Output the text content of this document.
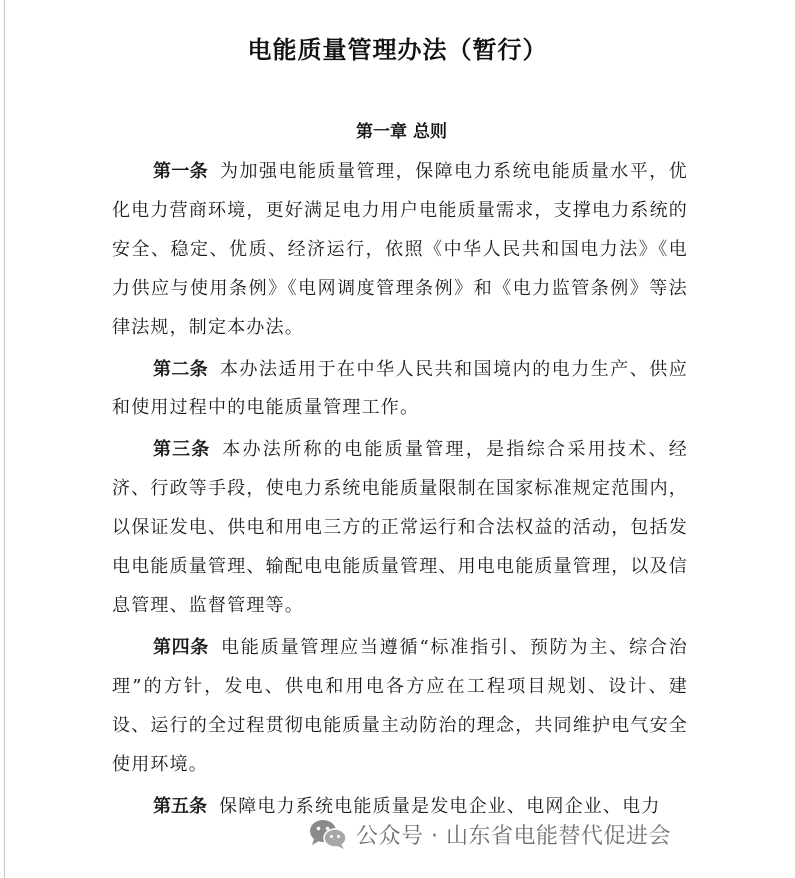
电能质量管理办法（暂行）
第一章 总则

第一条 为加强电能质量管理，保障电力系统电能质量水平，优化电力营商环境，更好满足电力用户电能质量需求，支撑电力系统的安全、稳定、优质、经济运行，依照《中华人民共和国电力法》《电力供应与使用条例》《电网调度管理条例》和《电力监管条例》等法律法规，制定本办法。

第二条 本办法适用于在中华人民共和国境内的电力生产、供应和使用过程中的电能质量管理工作。

第三条 本办法所称的电能质量管理，是指综合采用技术、经济、行政等手段，使电力系统电能质量限制在国家标准规定范围内，以保证发电、供电和用电三方的正常运行和合法权益的活动，包括发电电能质量管理、输配电电能质量管理、用电电能质量管理，以及信息管理、监督管理等。

第四条 电能质量管理应当遵循“标准指引、预防为主、综合治理”的方针，发电、供电和用电各方应在工程项目规划、设计、建设、运行的全过程贯彻电能质量主动防治的理念，共同维护电气安全使用环境。

第五条 保障电力系统电能质量是发电企业、电网企业、电力

公众号 · 山东省电能替代促进会
